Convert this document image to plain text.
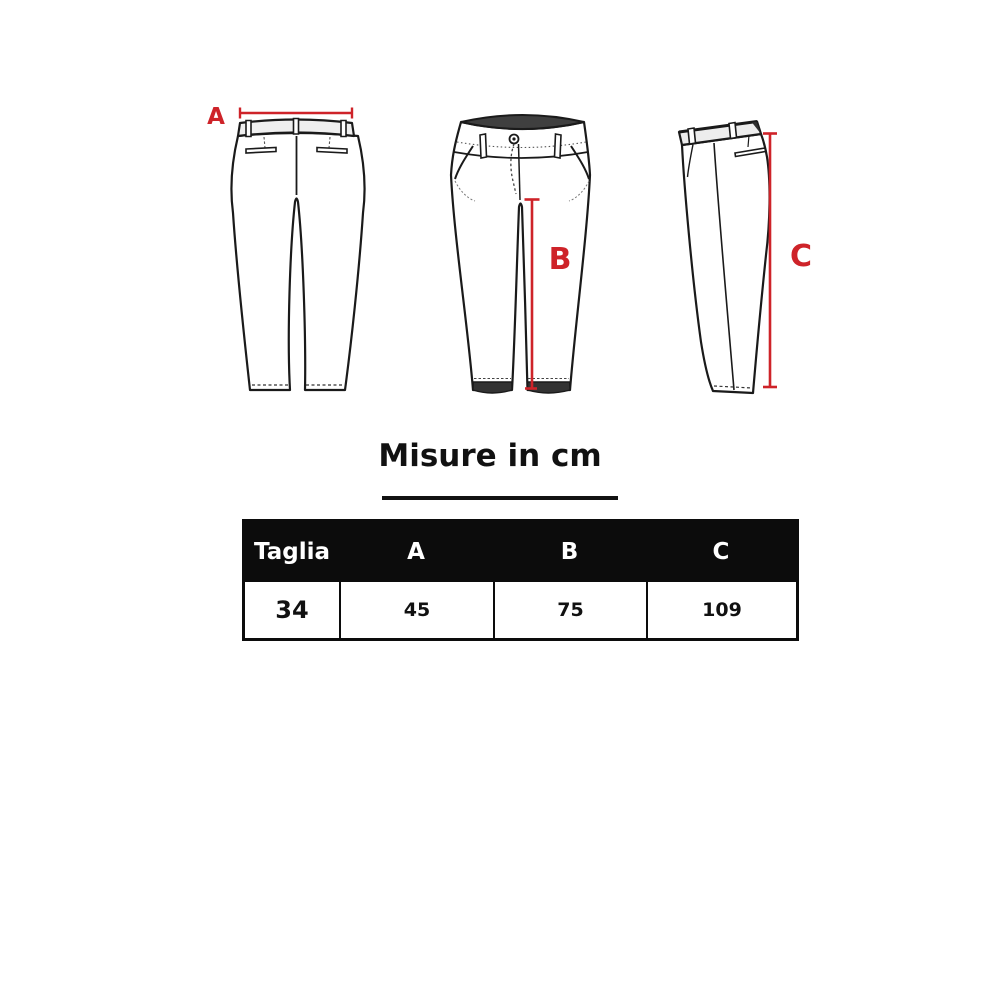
A
B	C
Misure in cm
Taglia	A	B	C
34	45	75	109
